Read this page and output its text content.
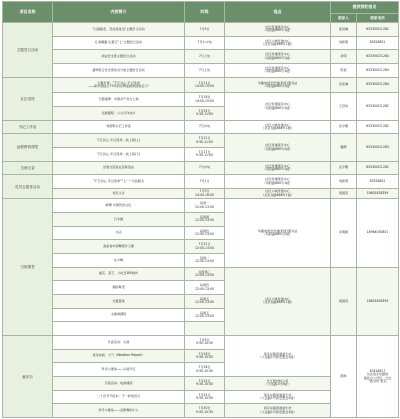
项目名称	内容简介	时间	地点	提供预约报名	
				联系人	联系电话
主题党日活动	"扫黑除恶，竞在我身边"主题学习活动	7月9日	社区党建服务中心
（凤阳路660号1楼）	姜琼琳	63330023-282
	红润赣鄱 礼赞江"七"主题党日活动	7月1-中旬	社区公城党建中心
（北京东路668号1楼）	刘新明	63328622
	商业党支部主题党日活动	7月上旬	社区党建服务中心
（凤阳路660号1楼）	余明	63330023-284
	翡翠联合党支部结对分类主题党日活动	7月上旬	社区党建服务中心
（凤阳路660号1楼）	陈荔	63330023-284
社区党校	主题党课："不忘初心 牢记使命
——新中国成立70年的光辉成就和经验启示"	7月11日
14:00-15:00	华鑫电视学党建(新世)服务站
（凤阳路660号2楼）	彭佳琳	63330023-284
	专题观摩：中国共产党与上海	7月18日
14:00-15:00	社区党建服务中心
（凤阳路660号1楼）	王哲玮	63330023-282
	拓展课程：公文写作技巧	7月25日
9:30-11:00			

书记工作室	刘新明书记工作室	7月中旬	社区公城党建中心
（北京东路668号1楼）	沈宇娜	63330023-282
远程教育课堂	不忘初心 牢记使命：战上海(上)	7月12日
9:30-11:00	社区党建服务中心
（凤阳路660号2楼）	魏辉	63330023-283
	不忘初心 牢记使命：战上海(下)	7月17日
9:30-11:00			

交流互鉴	党建交流进社区联络站	7月中旬	社区党建服务中心
（凤阳路660号1楼）	沈宇娜	63330023-282
党员志愿者活动	"不忘初心 牢记使命""七·一"为民服务	7月1日	社区党建服务中心
（凤阳路660号1楼）	刘新明	63328622
	党员义诊	7月9日
14:00-16:00	社区公城党建中心
（北京东路668号1楼）	胡国英	18601628359
白领课堂	瞬博 中国传统文化	每周一
12:00-13:00	华鑫电视学党建(新世)服务站
（凤阳路660号2楼）	宋明顺	18964030801
	石木画	每周周
12:00-13:00			

	书法	每周四
12:00-13:00			

	美丽食中国舞蹈学习课	7月31日
12:00-13:00			

	东方舞	每周一
12:00-13:00			

	插花、茶艺、小吃及DIY制作	双周周三
12:00-13:00	社区公城党建中心
（北京东路668号1楼）	胡国英	18601628359
	楠园粤语	每周四
12:00-13:00			

	光氪篮球	每周五
12:00-13:00			

	太極拳課程	每周五
12:00-13:00			

童乐坊	乐高活动：火箭	7月9日
9:30-10:30	南京东路街道童乐坊
（大沽路1号新安盟会2楼）	陈晔	63318617
关注南京东路街
道官方公众号，点击
"微书坊"报名

	乘龙快板：大气《Weather Report》	7月16日
9:30-10:30			

	科学小课堂——火箭升空	7月18日
9:30-10:30			

	乐高活动：电鱼捕捞	7月23日
9:30-10:30	长江新材料公司
（大沽路1号5楼）		

	二十四节气绘本：不一样的四月	7月25日
9:30-10:30	南京东路街道童乐坊
（大沽路1号新安盟会2楼）		

	科学小课堂——会跳舞的小人	7月30日
9:30-10:30	南京东路街道童乐坊
（大沽路1号新安盟会2楼）		
